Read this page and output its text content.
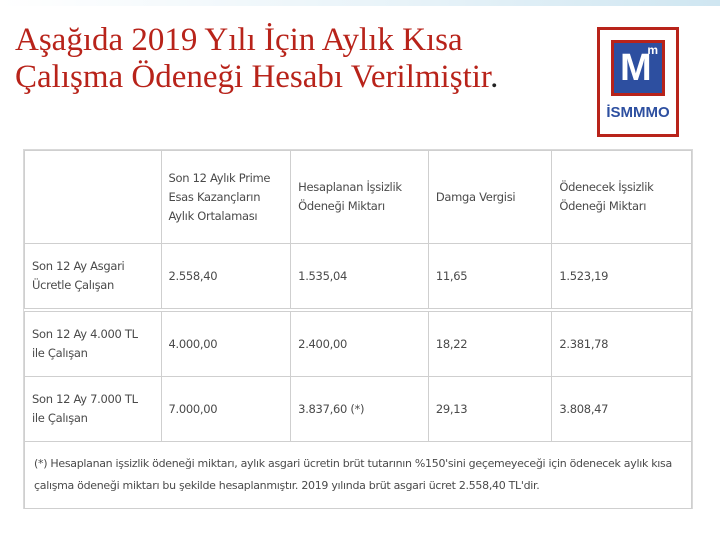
Aşağıda 2019 Yılı İçin Aylık Kısa Çalışma Ödeneği Hesabı Verilmiştir.	M
m
İSMMMO
	Son 12 Aylık Prime Esas Kazançların Aylık Ortalaması	Hesaplanan İşsizlik Ödeneği Miktarı	Damga Vergisi	Ödenecek İşsizlik Ödeneği Miktarı
Son 12 Ay Asgari Ücretle Çalışan	2.558,40	1.535,04	11,65	1.523,19

Son 12 Ay 4.000 TL ile Çalışan	4.000,00	2.400,00	18,22	2.381,78
Son 12 Ay 7.000 TL ile Çalışan	7.000,00	3.837,60 (*)	29,13	3.808,47
(*) Hesaplanan işsizlik ödeneği miktarı, aylık asgari ücretin brüt tutarının %150'sini geçemeyeceği için ödenecek aylık kısa çalışma ödeneği miktarı bu şekilde hesaplanmıştır. 2019 yılında brüt asgari ücret 2.558,40 TL'dir.				
